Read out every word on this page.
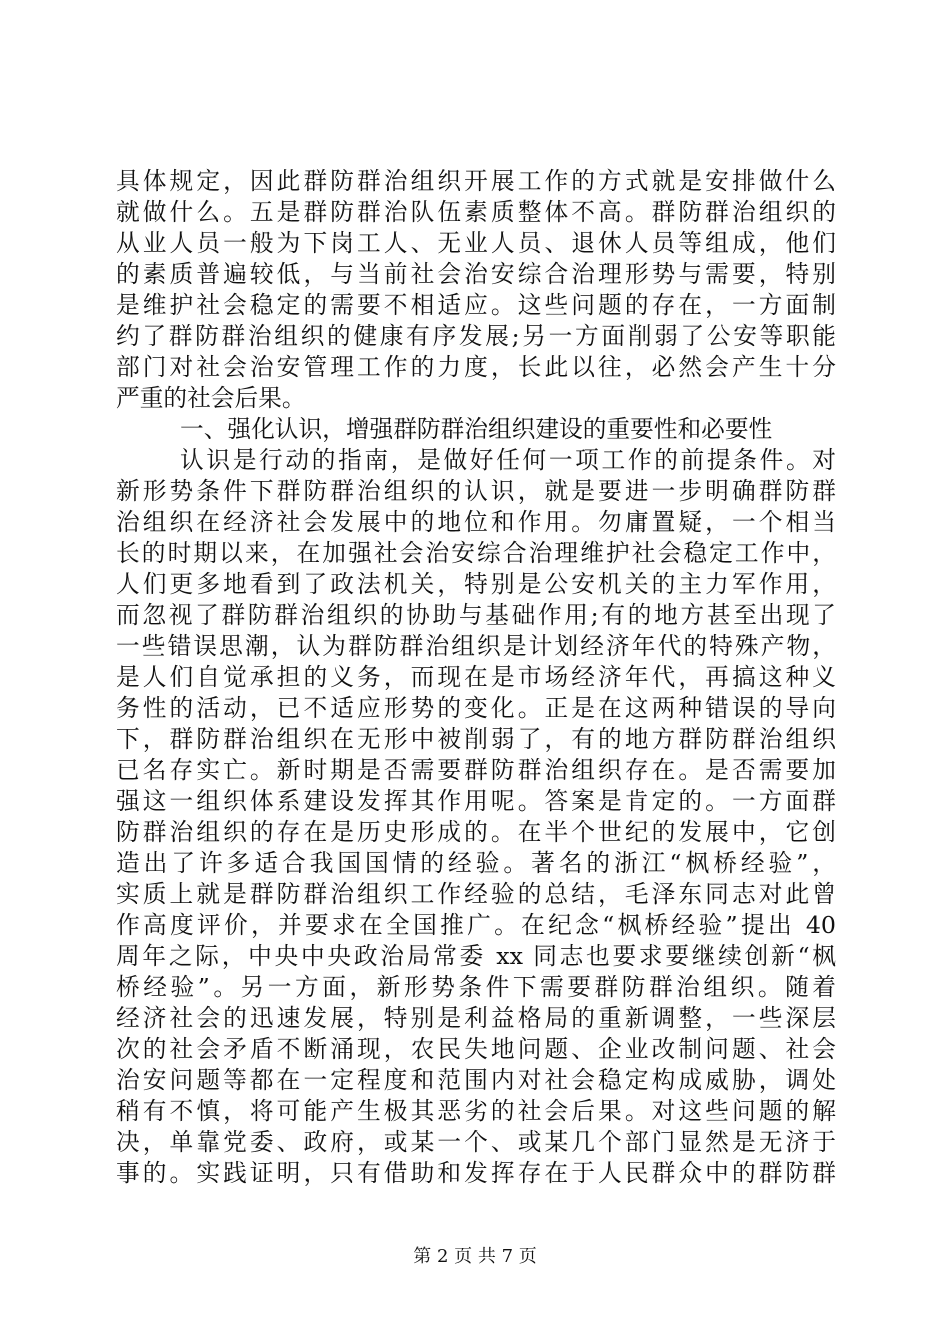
具体规定，因此群防群治组织开展工作的方式就是安排做什么
就做什么。五是群防群治队伍素质整体不高。群防群治组织的
从业人员一般为下岗工人、无业人员、退休人员等组成，他们
的素质普遍较低，与当前社会治安综合治理形势与需要，特别
是维护社会稳定的需要不相适应。这些问题的存在，一方面制
约了群防群治组织的健康有序发展;另一方面削弱了公安等职能
部门对社会治安管理工作的力度，长此以往，必然会产生十分
严重的社会后果。
一、强化认识，增强群防群治组织建设的重要性和必要性
认识是行动的指南，是做好任何一项工作的前提条件。对
新形势条件下群防群治组织的认识，就是要进一步明确群防群
治组织在经济社会发展中的地位和作用。勿庸置疑，一个相当
长的时期以来，在加强社会治安综合治理维护社会稳定工作中，
人们更多地看到了政法机关，特别是公安机关的主力军作用，
而忽视了群防群治组织的协助与基础作用;有的地方甚至出现了
一些错误思潮，认为群防群治组织是计划经济年代的特殊产物，
是人们自觉承担的义务，而现在是市场经济年代，再搞这种义
务性的活动，已不适应形势的变化。正是在这两种错误的导向
下，群防群治组织在无形中被削弱了，有的地方群防群治组织
已名存实亡。新时期是否需要群防群治组织存在。是否需要加
强这一组织体系建设发挥其作用呢。答案是肯定的。一方面群
防群治组织的存在是历史形成的。在半个世纪的发展中，它创
造出了许多适合我国国情的经验。著名的浙江“枫桥经验”，
实质上就是群防群治组织工作经验的总结，毛泽东同志对此曾
作高度评价，并要求在全国推广。在纪念“枫桥经验”提出 40
周年之际，中央中央政治局常委 xx 同志也要求要继续创新“枫
桥经验”。另一方面，新形势条件下需要群防群治组织。随着
经济社会的迅速发展，特别是利益格局的重新调整，一些深层
次的社会矛盾不断涌现，农民失地问题、企业改制问题、社会
治安问题等都在一定程度和范围内对社会稳定构成威胁，调处
稍有不慎，将可能产生极其恶劣的社会后果。对这些问题的解
决，单靠党委、政府，或某一个、或某几个部门显然是无济于
事的。实践证明，只有借助和发挥存在于人民群众中的群防群
第 2 页 共 7 页
